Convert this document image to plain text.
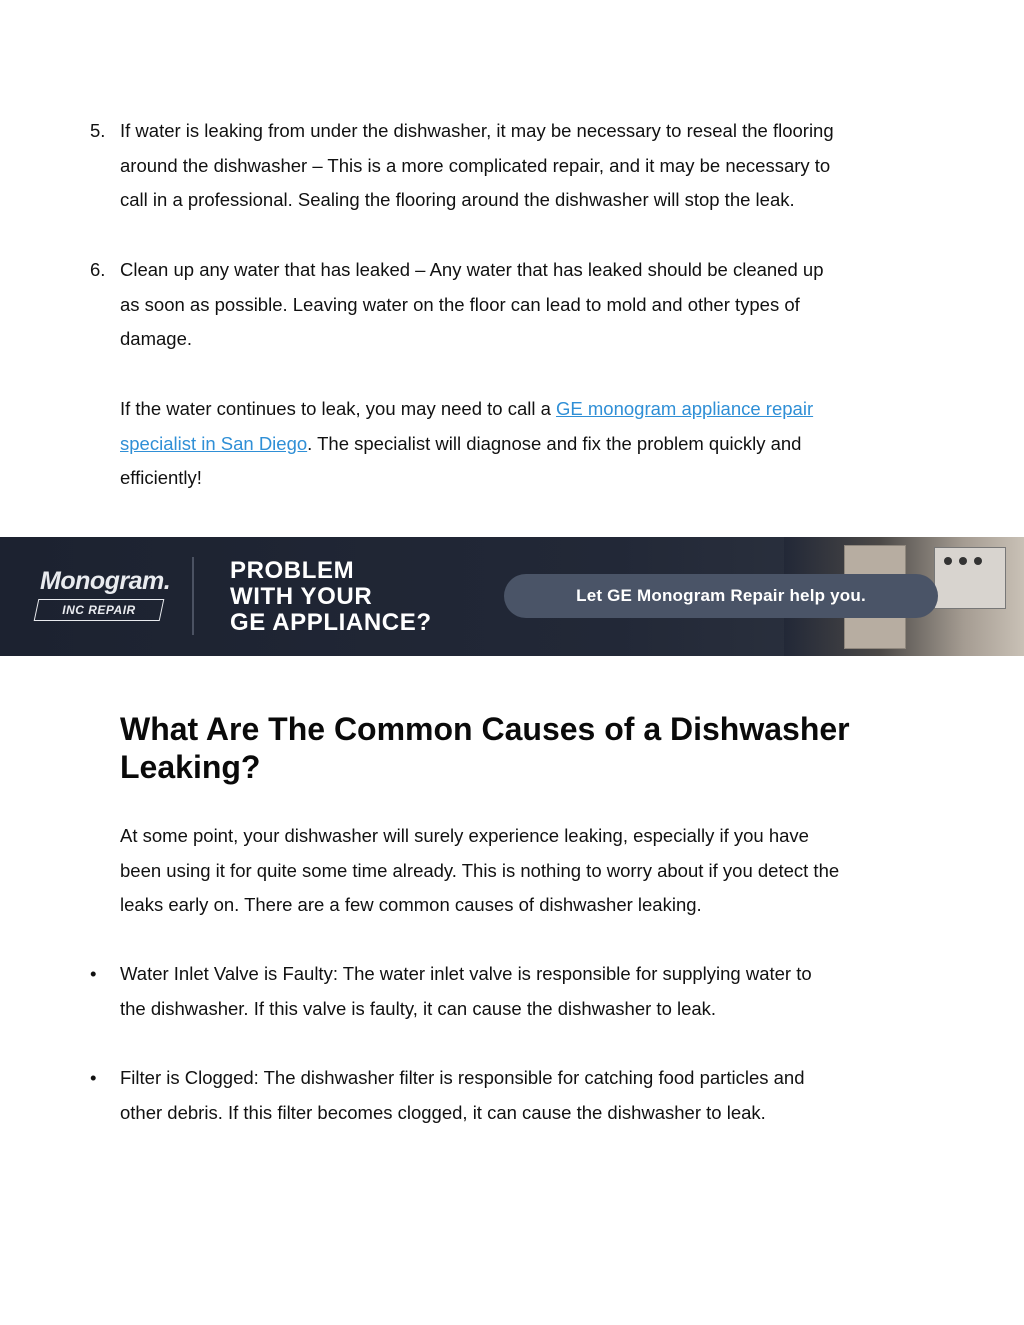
5. If water is leaking from under the dishwasher, it may be necessary to reseal the flooring
around the dishwasher – This is a more complicated repair, and it may be necessary to
call in a professional. Sealing the flooring around the dishwasher will stop the leak.
6. Clean up any water that has leaked – Any water that has leaked should be cleaned up
as soon as possible. Leaving water on the floor can lead to mold and other types of
damage.
If the water continues to leak, you may need to call a GE monogram appliance repair
specialist in San Diego. The specialist will diagnose and fix the problem quickly and
efficiently!
Monogram.
INC REPAIR
PROBLEM
WITH YOUR
GE APPLIANCE?
Let GE Monogram Repair help you.
What Are The Common Causes of a Dishwasher
Leaking?
At some point, your dishwasher will surely experience leaking, especially if you have
been using it for quite some time already. This is nothing to worry about if you detect the
leaks early on. There are a few common causes of dishwasher leaking.
• Water Inlet Valve is Faulty: The water inlet valve is responsible for supplying water to
the dishwasher. If this valve is faulty, it can cause the dishwasher to leak.
• Filter is Clogged: The dishwasher filter is responsible for catching food particles and
other debris. If this filter becomes clogged, it can cause the dishwasher to leak.
